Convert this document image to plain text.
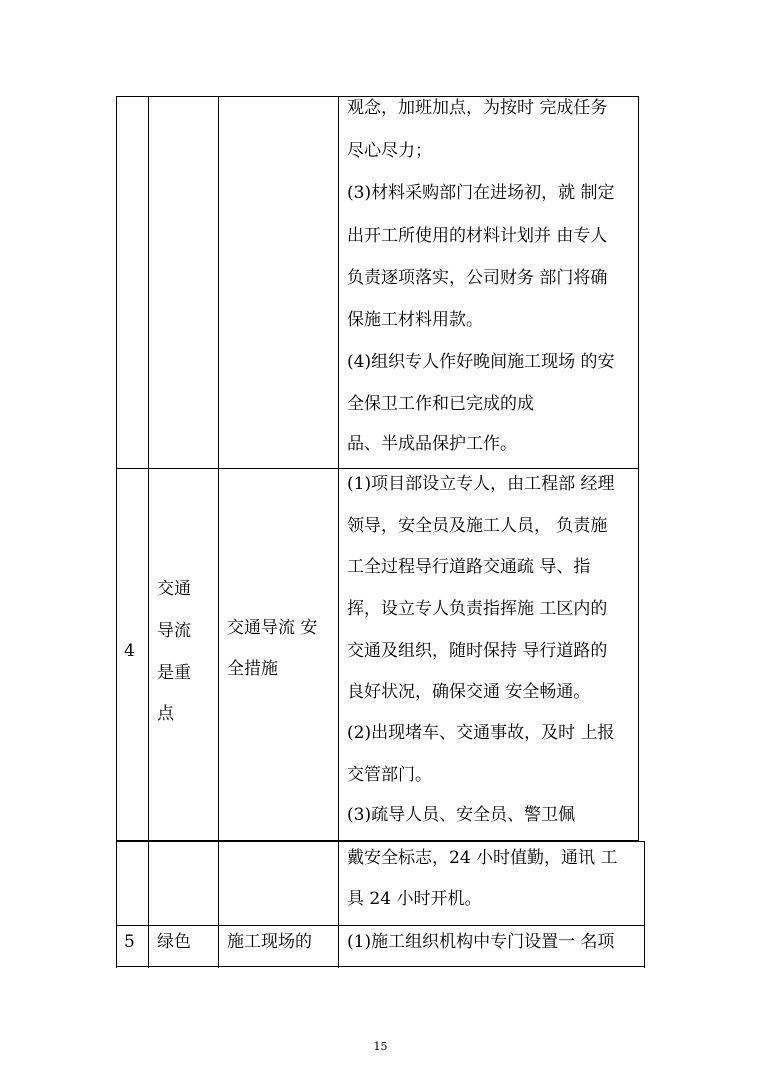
观念，加班加点，为按时 完成任务
尽心尽力；
(3)材料采购部门在进场初，就 制定
出开工所使用的材料计划并 由专人
负责逐项落实，公司财务 部门将确
保施工材料用款。
(4)组织专人作好晚间施工现场 的安
全保卫工作和已完成的成
品、半成品保护工作。
4
交通
导流
是重
点
交通导流 安
全措施
(1)项目部设立专人，由工程部 经理
领导，安全员及施工人员， 负责施
工全过程导行道路交通疏 导、指
挥，设立专人负责指挥施 工区内的
交通及组织，随时保持 导行道路的
良好状况，确保交通 安全畅通。
(2)出现堵车、交通事故，及时 上报
交管部门。
(3)疏导人员、安全员、警卫佩
戴安全标志，24 小时值勤，通讯 工
具 24 小时开机。
5 绿色 施工现场的 (1)施工组织机构中专门设置一 名项
15
